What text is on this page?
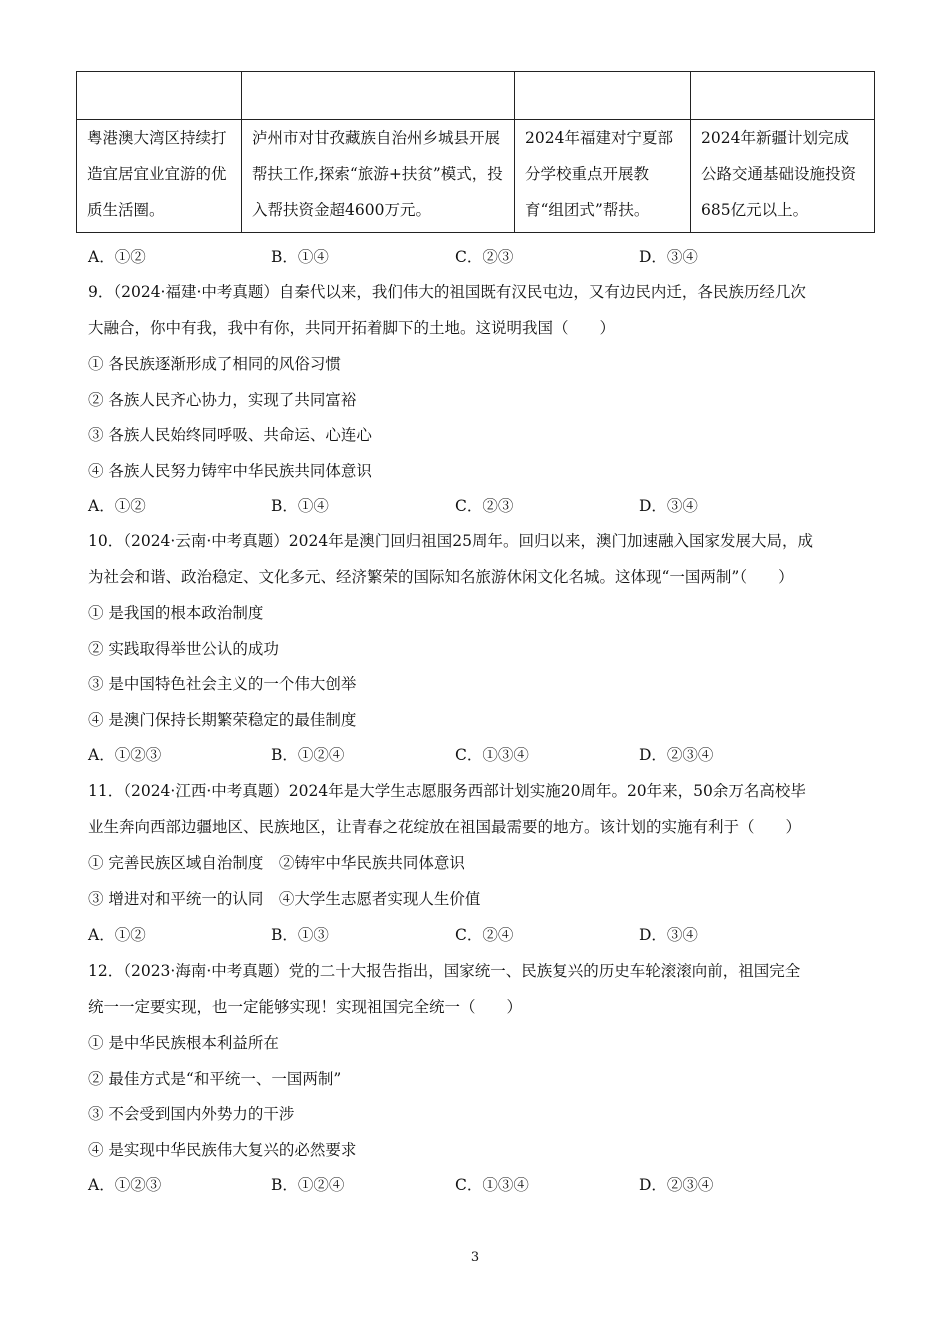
粤港澳大湾区持续打造宜居宜业宜游的优质生活圈。	泸州市对甘孜藏族自治州乡城县开展帮扶工作,探索“旅游+扶贫”模式，投入帮扶资金超4600万元。	2024年福建对宁夏部分学校重点开展教育“组团式”帮扶。	2024年新疆计划完成公路交通基础设施投资685亿元以上。
A．①②	B．①④	C．②③	D．③④
9．（2024·福建·中考真题）自秦代以来，我们伟大的祖国既有汉民屯边，又有边民内迁，各民族历经几次
大融合，你中有我，我中有你，共同开拓着脚下的土地。这说明我国（　　）
① 各民族逐渐形成了相同的风俗习惯
② 各族人民齐心协力，实现了共同富裕
③ 各族人民始终同呼吸、共命运、心连心
④ 各族人民努力铸牢中华民族共同体意识
A．①②	B．①④	C．②③	D．③④
10．（2024·云南·中考真题）2024年是澳门回归祖国25周年。回归以来，澳门加速融入国家发展大局，成
为社会和谐、政治稳定、文化多元、经济繁荣的国际知名旅游休闲文化名城。这体现“一国两制”（　　）
① 是我国的根本政治制度
② 实践取得举世公认的成功
③ 是中国特色社会主义的一个伟大创举
④ 是澳门保持长期繁荣稳定的最佳制度
A．①②③	B．①②④	C．①③④	D．②③④
11．（2024·江西·中考真题）2024年是大学生志愿服务西部计划实施20周年。20年来，50余万名高校毕
业生奔向西部边疆地区、民族地区，让青春之花绽放在祖国最需要的地方。该计划的实施有利于（　　）
① 完善民族区域自治制度　②铸牢中华民族共同体意识
③ 增进对和平统一的认同　④大学生志愿者实现人生价值
A．①②	B．①③	C．②④	D．③④
12．（2023·海南·中考真题）党的二十大报告指出，国家统一、民族复兴的历史车轮滚滚向前，祖国完全
统一一定要实现，也一定能够实现！实现祖国完全统一（　　）
① 是中华民族根本利益所在
② 最佳方式是“和平统一、一国两制”
③ 不会受到国内外势力的干涉
④ 是实现中华民族伟大复兴的必然要求
A．①②③	B．①②④	C．①③④	D．②③④
3
